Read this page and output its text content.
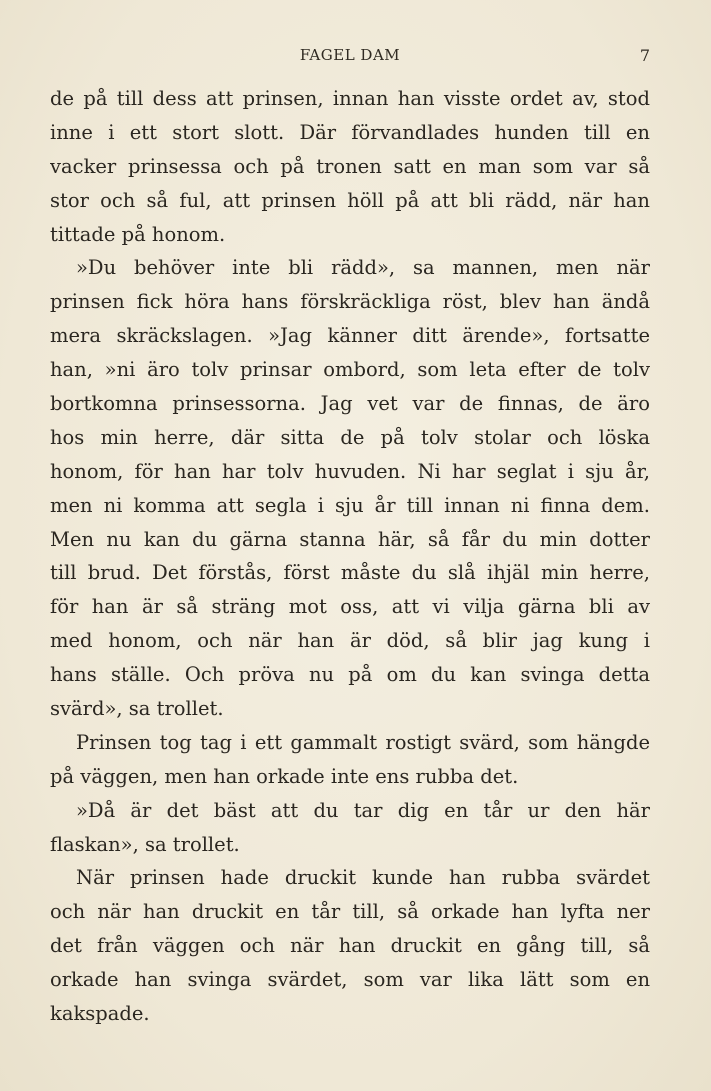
FAGEL DAM	7
de på till dess att prinsen, innan han visste ordet av, stod
inne i ett stort slott. Där förvandlades hunden till en
vacker prinsessa och på tronen satt en man som var så
stor och så ful, att prinsen höll på att bli rädd, när han
tittade på honom.
»Du behöver inte bli rädd», sa mannen, men när
prinsen fick höra hans förskräckliga röst, blev han ändå
mera skräckslagen. »Jag känner ditt ärende», fortsatte
han, »ni äro tolv prinsar ombord, som leta efter de tolv
bortkomna prinsessorna. Jag vet var de finnas, de äro
hos min herre, där sitta de på tolv stolar och löska
honom, för han har tolv huvuden. Ni har seglat i sju år,
men ni komma att segla i sju år till innan ni finna dem.
Men nu kan du gärna stanna här, så får du min dotter
till brud. Det förstås, först måste du slå ihjäl min herre,
för han är så sträng mot oss, att vi vilja gärna bli av
med honom, och när han är död, så blir jag kung i
hans ställe. Och pröva nu på om du kan svinga detta
svärd», sa trollet.
Prinsen tog tag i ett gammalt rostigt svärd, som hängde
på väggen, men han orkade inte ens rubba det.
»Då är det bäst att du tar dig en tår ur den här
flaskan», sa trollet.
När prinsen hade druckit kunde han rubba svärdet
och när han druckit en tår till, så orkade han lyfta ner
det från väggen och när han druckit en gång till, så
orkade han svinga svärdet, som var lika lätt som en
kakspade.
